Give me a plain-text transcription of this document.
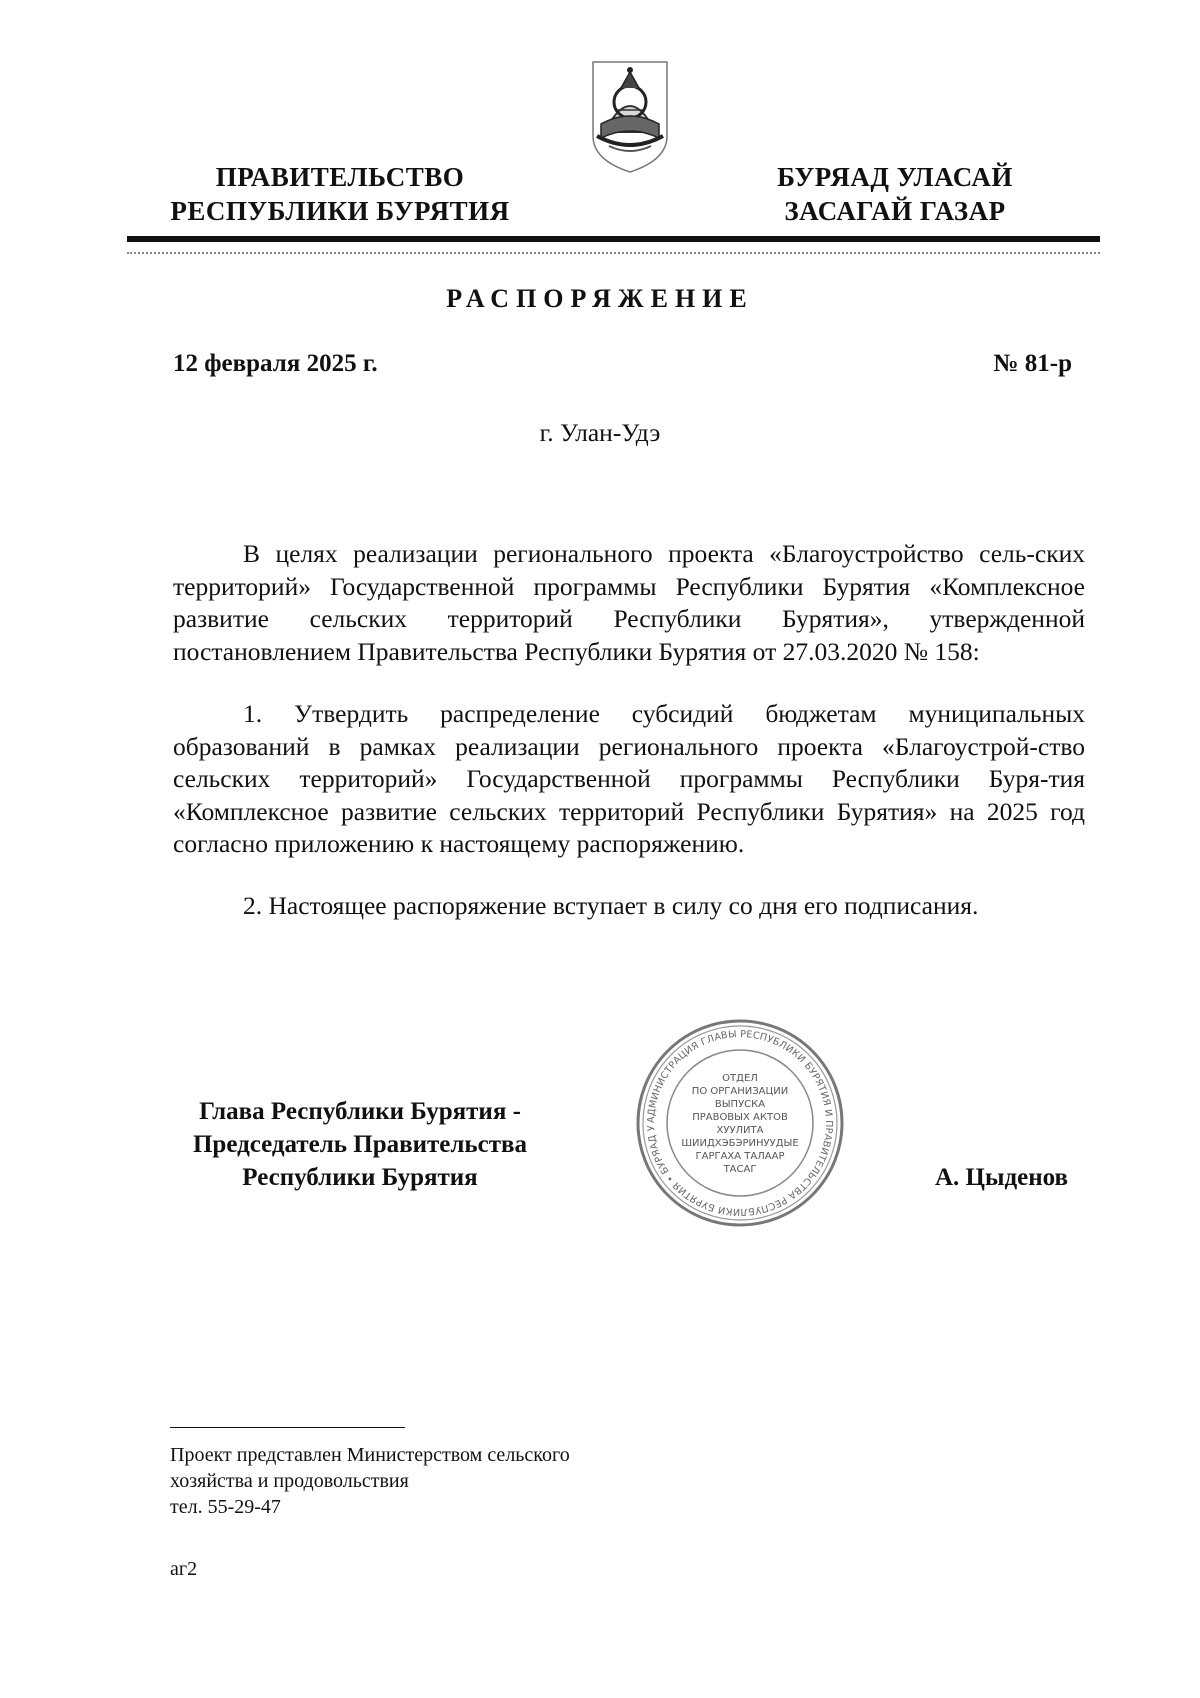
ПРАВИТЕЛЬСТВО
РЕСПУБЛИКИ БУРЯТИЯ
БУРЯАД УЛАСАЙ
ЗАСАГАЙ ГАЗАР
РАСПОРЯЖЕНИЕ
12 февраля 2025 г.	№ 81-р
г. Улан-Удэ

В целях реализации регионального проекта «Благоустройство сель-ских территорий» Государственной программы Республики Бурятия «Комплексное развитие сельских территорий Республики Бурятия», утвержденной постановлением Правительства Республики Бурятия от 27.03.2020 № 158:

1. Утвердить распределение субсидий бюджетам муниципальных образований в рамках реализации регионального проекта «Благоустрой-ство сельских территорий» Государственной программы Республики Буря-тия «Комплексное развитие сельских территорий Республики Бурятия» на 2025 год согласно приложению к настоящему распоряжению.

2. Настоящее распоряжение вступает в силу со дня его подписания.

Глава Республики Бурятия -
Председатель Правительства
Республики Бурятия
АДМИНИСТРАЦИЯ ГЛАВЫ РЕСПУБЛИКИ БУРЯТИЯ И ПРАВИТЕЛЬСТВА РЕСПУБЛИКИ БУРЯТИЯ • БУРЯАД У
ОТДЕЛ
ПО ОРГАНИЗАЦИИ
ВЫПУСКА
ПРАВОВЫХ АКТОВ
ХУУЛИТА
ШИИДХЭБЭРИНУУДЫЕ
ГАРГАХА ТАЛААР
ТАСАГ	А. Цыденов
Проект представлен Министерством сельского
хозяйства и продовольствия
тел. 55-29-47
аг2
